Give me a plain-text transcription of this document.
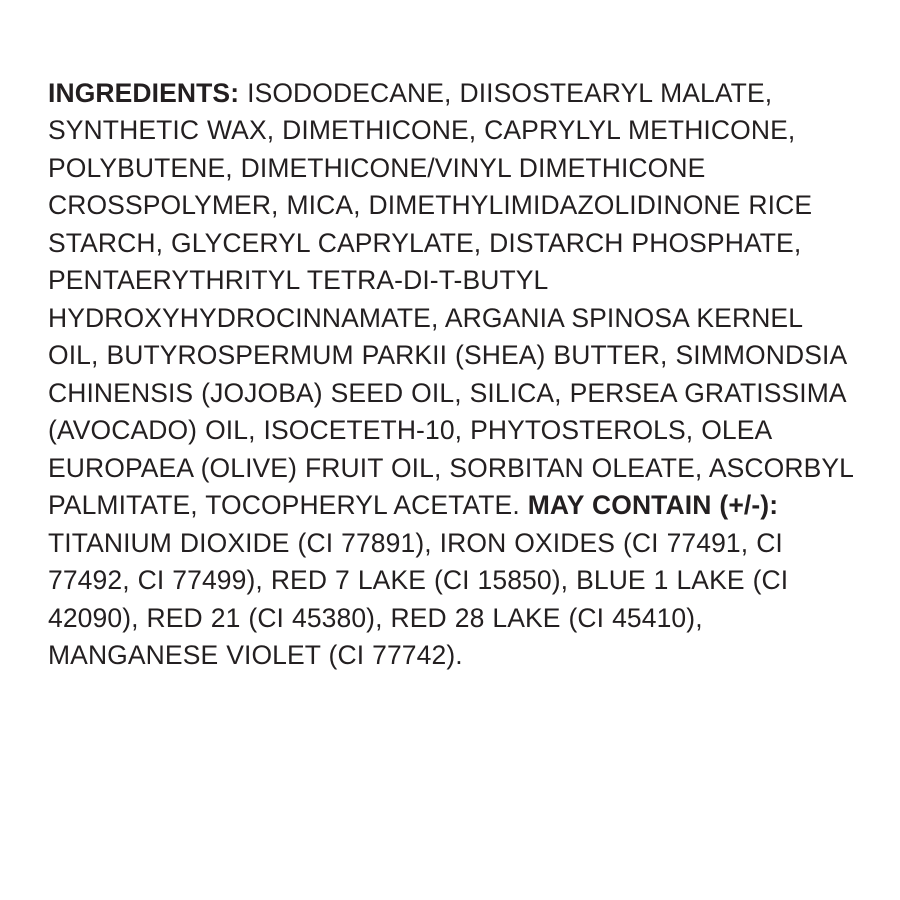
INGREDIENTS: ISODODECANE, DIISOSTEARYL MALATE, SYNTHETIC WAX, DIMETHICONE, CAPRYLYL METHICONE, POLYBUTENE, DIMETHICONE/VINYL DIMETHICONE CROSSPOLYMER, MICA, DIMETHYLIMIDAZOLIDINONE RICE STARCH, GLYCERYL CAPRYLATE, DISTARCH PHOSPHATE, PENTAERYTHRITYL TETRA-DI-T-BUTYL HYDROXYHYDROCINNAMATE, ARGANIA SPINOSA KERNEL OIL, BUTYROSPERMUM PARKII (SHEA) BUTTER, SIMMONDSIA CHINENSIS (JOJOBA) SEED OIL, SILICA, PERSEA GRATISSIMA (AVOCADO) OIL, ISOCETETH-10, PHYTOSTEROLS, OLEA EUROPAEA (OLIVE) FRUIT OIL, SORBITAN OLEATE, ASCORBYL PALMITATE, TOCOPHERYL ACETATE. MAY CONTAIN (+/-): TITANIUM DIOXIDE (CI 77891), IRON OXIDES (CI 77491, CI 77492, CI 77499), RED 7 LAKE (CI 15850), BLUE 1 LAKE (CI 42090), RED 21 (CI 45380), RED 28 LAKE (CI 45410), MANGANESE VIOLET (CI 77742).
